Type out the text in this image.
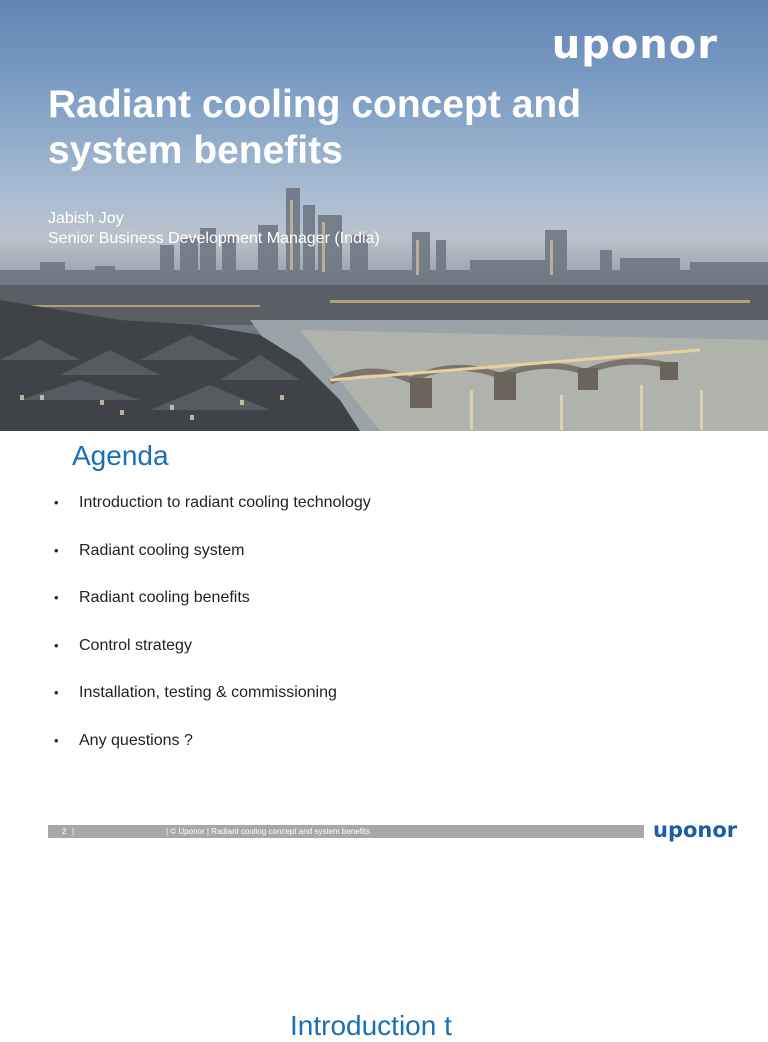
uponor
Radiant cooling concept and system benefits
Jabish Joy
Senior Business Development Manager (India)
Agenda
• Introduction to radiant cooling technology
• Radiant cooling system
• Radiant cooling benefits
• Control strategy
• Installation, testing & commissioning
• Any questions ?
2 |	| © Uponor | Radiant cooling concept and system benefits	uponor
Introduction t
